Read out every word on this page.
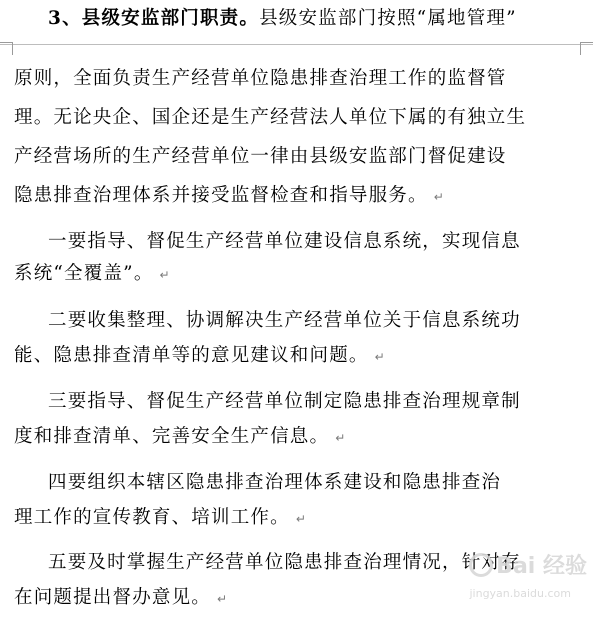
3、县级安监部门职责。县级安监部门按照“属地管理”
原则，全面负责生产经营单位隐患排查治理工作的监督管
理。无论央企、国企还是生产经营法人单位下属的有独立生
产经营场所的生产经营单位一律由县级安监部门督促建设
隐患排查治理体系并接受监督检查和指导服务。 ↵
一要指导、督促生产经营单位建设信息系统，实现信息
系统“全覆盖”。 ↵
二要收集整理、协调解决生产经营单位关于信息系统功
能、隐患排查清单等的意见建议和问题。 ↵
三要指导、督促生产经营单位制定隐患排查治理规章制
度和排查清单、完善安全生产信息。 ↵
四要组织本辖区隐患排查治理体系建设和隐患排查治
理工作的宣传教育、培训工作。 ↵
五要及时掌握生产经营单位隐患排查治理情况，针对存
在问题提出督办意见。 ↵
Bai 经验
jingyan.baidu.com
